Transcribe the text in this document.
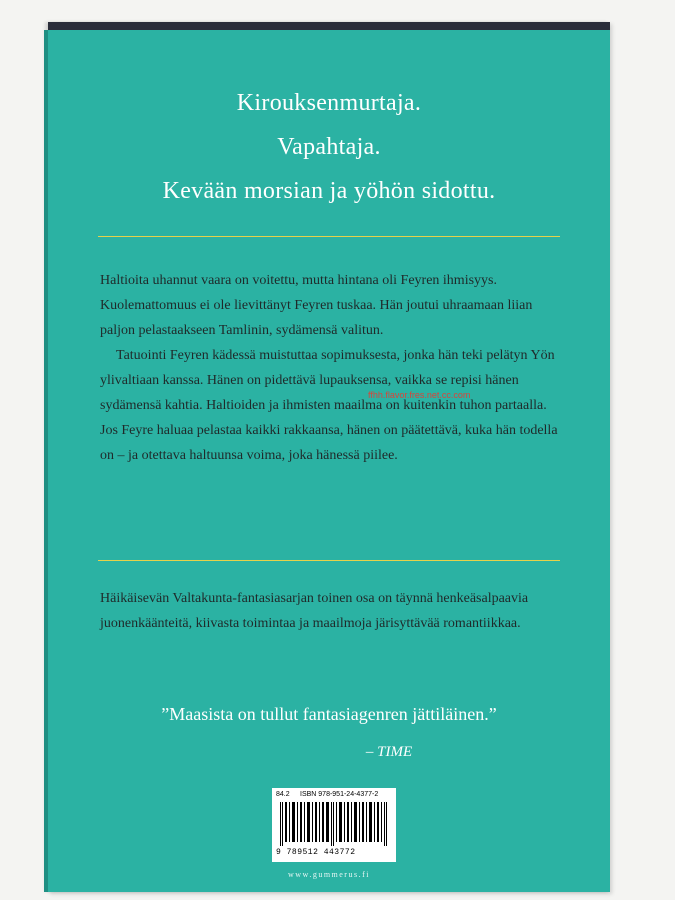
Kirouksenmurtaja.
Vapahtaja.
Kevään morsian ja yöhön sidottu.

Haltioita uhannut vaara on voitettu, mutta hintana oli Feyren ihmisyys. Kuolemattomuus ei ole lievittänyt Feyren tuskaa. Hän joutui uhraamaan liian paljon pelastaakseen Tamlinin, sydämensä valitun.

Tatuointi Feyren kädessä muistuttaa sopimuksesta, jonka hän teki pelätyn Yön ylivaltiaan kanssa. Hänen on pidettävä lupauksensa, vaikka se repisi hänen sydämensä kahtia. Haltioiden ja ihmisten maailma on kuitenkin tuhon partaalla. Jos Feyre haluaa pelastaa kaikki rakkaansa, hänen on päätettävä, kuka hän todella on – ja otettava haltuunsa voima, joka hänessä piilee.

ffhh.flavor.fres.net.cc.com

Häikäisevän Valtakunta-fantasiasarjan toinen osa on täynnä henkeäsalpaavia juonenkäänteitä, kiivasta toimintaa ja maailmoja järisyttävää romantiikkaa.

”Maasista on tullut fantasiagenren jättiläinen.”
– TIME
84.2 ISBN 978-951-24-4377-2
9 789512 443772
www.gummerus.fi
